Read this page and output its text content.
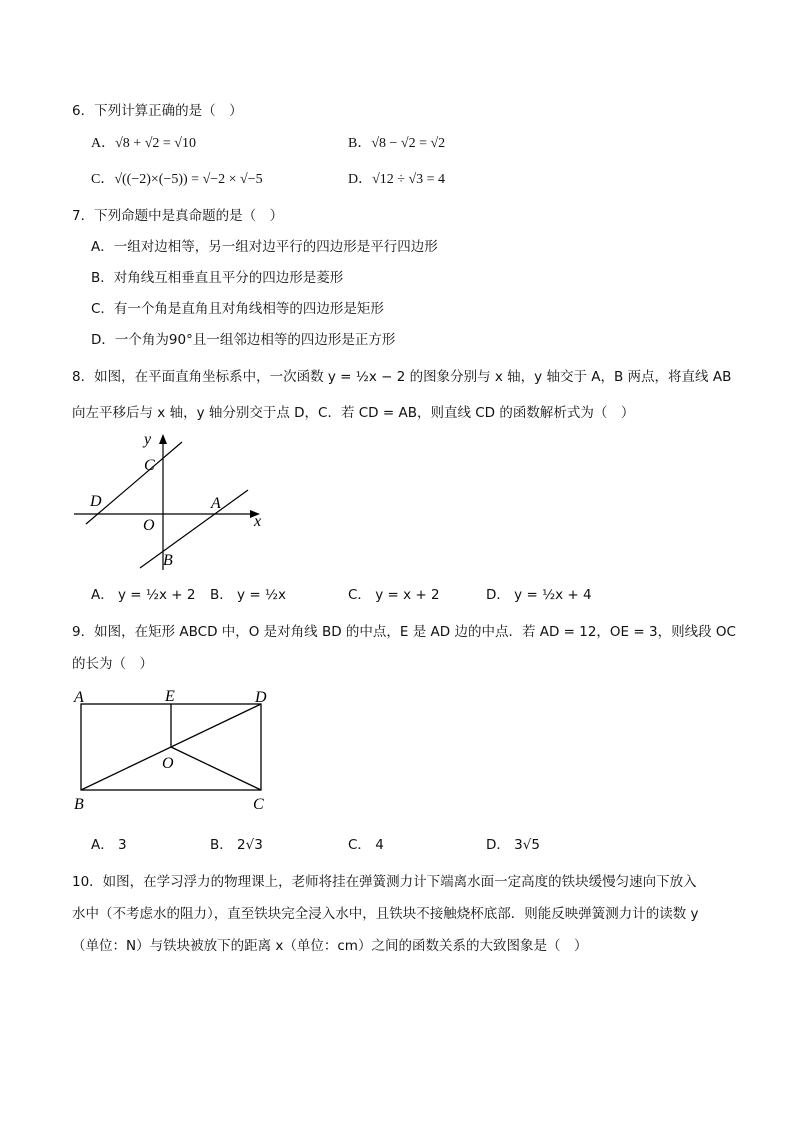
6．下列计算正确的是（　）
A．√8 + √2 = √10	B．√8 − √2 = √2
C．√((−2)×(−5)) = √−2 × √−5	D．√12 ÷ √3 = 4
7．下列命题中是真命题的是（　）
A．一组对边相等，另一组对边平行的四边形是平行四边形
B．对角线互相垂直且平分的四边形是菱形
C．有一个角是直角且对角线相等的四边形是矩形
D．一个角为90°且一组邻边相等的四边形是正方形
8．如图，在平面直角坐标系中，一次函数 y = ½x − 2 的图象分别与 x 轴，y 轴交于 A，B 两点，将直线 AB
向左平移后与 x 轴，y 轴分别交于点 D，C．若 CD = AB，则直线 CD 的函数解析式为（　）
y
C
D	A
O	x
B
A． y = ½x + 2 B． y = ½x	C． y = x + 2	D． y = ½x + 4
9．如图，在矩形 ABCD 中，O 是对角线 BD 的中点，E 是 AD 边的中点．若 AD = 12，OE = 3，则线段 OC
的长为（　）
A	E	D
O
B	C
A． 3	B． 2√3	C． 4	D． 3√5
10．如图，在学习浮力的物理课上，老师将挂在弹簧测力计下端离水面一定高度的铁块缓慢匀速向下放入
水中（不考虑水的阻力），直至铁块完全浸入水中，且铁块不接触烧杯底部．则能反映弹簧测力计的读数 y
（单位：N）与铁块被放下的距离 x（单位：cm）之间的函数关系的大致图象是（　）
